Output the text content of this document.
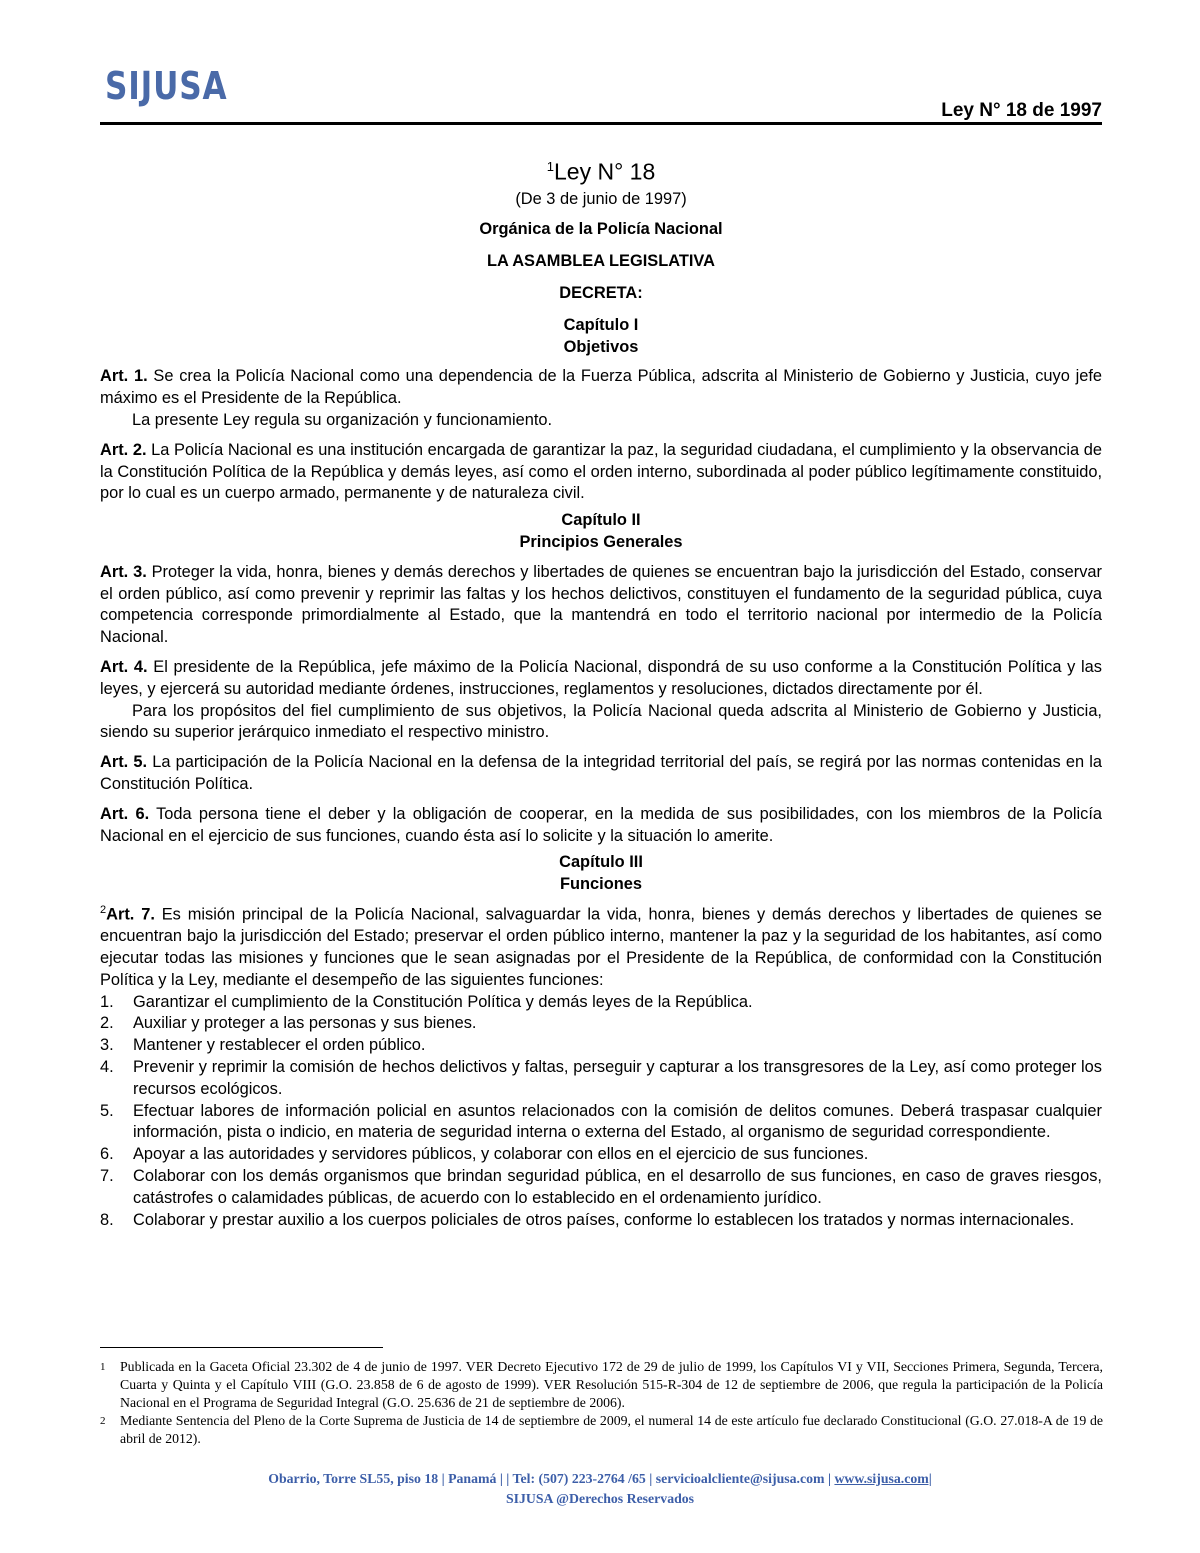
SIJUSA
Ley N° 18 de 1997

$^1$Ley N° 18

(De 3 de junio de 1997)

Orgánica de la Policía Nacional

LA ASAMBLEA LEGISLATIVA

DECRETA:

Capítulo I

Objetivos

Art. 1. Se crea la Policía Nacional como una dependencia de la Fuerza Pública, adscrita al Ministerio de Gobierno y Justicia, cuyo jefe máximo es el Presidente de la República.

La presente Ley regula su organización y funcionamiento.

Art. 2. La Policía Nacional es una institución encargada de garantizar la paz, la seguridad ciudadana, el cumplimiento y la observancia de la Constitución Política de la República y demás leyes, así como el orden interno, subordinada al poder público legítimamente constituido, por lo cual es un cuerpo armado, permanente y de naturaleza civil.

Capítulo II

Principios Generales

Art. 3. Proteger la vida, honra, bienes y demás derechos y libertades de quienes se encuentran bajo la jurisdicción del Estado, conservar el orden público, así como prevenir y reprimir las faltas y los hechos delictivos, constituyen el fundamento de la seguridad pública, cuya competencia corresponde primordialmente al Estado, que la mantendrá en todo el territorio nacional por intermedio de la Policía Nacional.

Art. 4. El presidente de la República, jefe máximo de la Policía Nacional, dispondrá de su uso conforme a la Constitución Política y las leyes, y ejercerá su autoridad mediante órdenes, instrucciones, reglamentos y resoluciones, dictados directamente por él.

Para los propósitos del fiel cumplimiento de sus objetivos, la Policía Nacional queda adscrita al Ministerio de Gobierno y Justicia, siendo su superior jerárquico inmediato el respectivo ministro.

Art. 5. La participación de la Policía Nacional en la defensa de la integridad territorial del país, se regirá por las normas contenidas en la Constitución Política.

Art. 6. Toda persona tiene el deber y la obligación de cooperar, en la medida de sus posibilidades, con los miembros de la Policía Nacional en el ejercicio de sus funciones, cuando ésta así lo solicite y la situación lo amerite.

Capítulo III

Funciones

$^2$Art. 7. Es misión principal de la Policía Nacional, salvaguardar la vida, honra, bienes y demás derechos y libertades de quienes se encuentran bajo la jurisdicción del Estado; preservar el orden público interno, mantener la paz y la seguridad de los habitantes, así como ejecutar todas las misiones y funciones que le sean asignadas por el Presidente de la República, de conformidad con la Constitución Política y la Ley, mediante el desempeño de las siguientes funciones:

1.	Garantizar el cumplimiento de la Constitución Política y demás leyes de la República.
2.	Auxiliar y proteger a las personas y sus bienes.
3.	Mantener y restablecer el orden público.
4.	Prevenir y reprimir la comisión de hechos delictivos y faltas, perseguir y capturar a los transgresores de la Ley, así como proteger los recursos ecológicos.
5.	Efectuar labores de información policial en asuntos relacionados con la comisión de delitos comunes. Deberá traspasar cualquier información, pista o indicio, en materia de seguridad interna o externa del Estado, al organismo de seguridad correspondiente.
6.	Apoyar a las autoridades y servidores públicos, y colaborar con ellos en el ejercicio de sus funciones.
7.	Colaborar con los demás organismos que brindan seguridad pública, en el desarrollo de sus funciones, en caso de graves riesgos, catástrofes o calamidades públicas, de acuerdo con lo establecido en el ordenamiento jurídico.
8.	Colaborar y prestar auxilio a los cuerpos policiales de otros países, conforme lo establecen los tratados y normas internacionales.
1	Publicada en la Gaceta Oficial 23.302 de 4 de junio de 1997. VER Decreto Ejecutivo 172 de 29 de julio de 1999, los Capítulos VI y VII, Secciones Primera, Segunda, Tercera, Cuarta y Quinta y el Capítulo VIII (G.O. 23.858 de 6 de agosto de 1999). VER Resolución 515-R-304 de 12 de septiembre de 2006, que regula la participación de la Policía Nacional en el Programa de Seguridad Integral (G.O. 25.636 de 21 de septiembre de 2006).
2	Mediante Sentencia del Pleno de la Corte Suprema de Justicia de 14 de septiembre de 2009, el numeral 14 de este artículo fue declarado Constitucional (G.O. 27.018-A de 19 de abril de 2012).
Obarrio, Torre SL55, piso 18 | Panamá | | Tel: (507) 223-2764 /65 | servicioalcliente@sijusa.com | www.sijusa.com|
SIJUSA @Derechos Reservados
